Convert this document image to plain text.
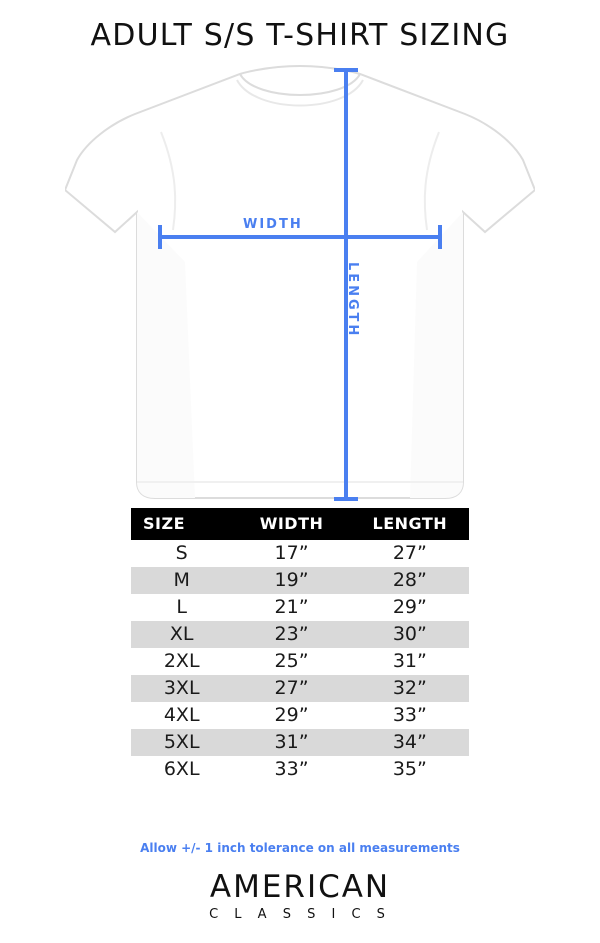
ADULT S/S T-SHIRT SIZING
WIDTH
LENGTH
SIZE	WIDTH	LENGTH
S	17”	27”
M	19”	28”
L	21”	29”
XL	23”	30”
2XL	25”	31”
3XL	27”	32”
4XL	29”	33”
5XL	31”	34”
6XL	33”	35”
Allow +/- 1 inch tolerance on all measurements
AMERICAN
C L A S S I C S
